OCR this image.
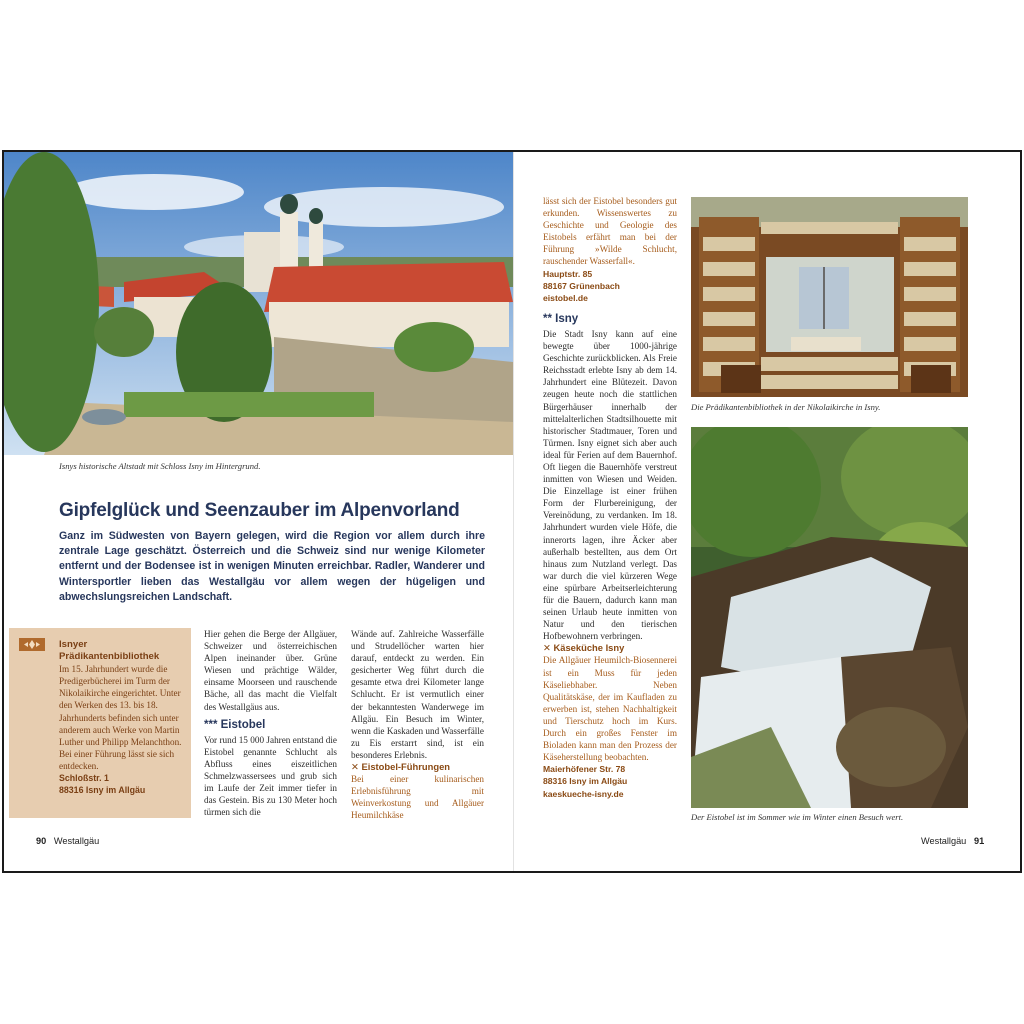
Isnys historische Altstadt mit Schloss Isny im Hintergrund.
Gipfelglück und Seenzauber im Alpenvorland
Ganz im Südwesten von Bayern gelegen, wird die Region vor allem durch ihre zentrale Lage geschätzt. Österreich und die Schweiz sind nur wenige Kilometer entfernt und der Bodensee ist in wenigen Minuten erreichbar. Radler, Wanderer und Wintersportler lieben das Westallgäu vor allem wegen der hügeligen und abwechslungsreichen Landschaft.
Isnyer Prädikantenbibliothek
Im 15. Jahrhundert wurde die Predigerbücherei im Turm der Nikolaikirche eingerichtet. Unter den Werken des 13. bis 18. Jahrhunderts befinden sich unter anderem auch Werke von Martin Luther und Philipp Melanchthon. Bei einer Führung lässt sie sich entdecken.
Schloßstr. 1
88316 Isny im Allgäu

Hier gehen die Berge der Allgäuer, Schweizer und österreichischen Alpen ineinander über. Grüne Wiesen und prächtige Wälder, einsame Moorseen und rauschende Bäche, all das macht die Vielfalt des Westallgäus aus.

*** Eistobel

Vor rund 15 000 Jahren entstand die Eistobel genannte Schlucht als Abfluss eines eiszeitlichen Schmelzwassersees und grub sich im Laufe der Zeit immer tiefer in das Gestein. Bis zu 130 Meter hoch türmen sich die

Wände auf. Zahlreiche Wasserfälle und Strudellöcher warten hier darauf, entdeckt zu werden. Ein gesicherter Weg führt durch die gesamte etwa drei Kilometer lange Schlucht. Er ist vermutlich einer der bekanntesten Wanderwege im Allgäu. Ein Besuch im Winter, wenn die Kaskaden und Wasserfälle zu Eis erstarrt sind, ist ein besonderes Erlebnis.

✕ Eistobel-Führungen

Bei einer kulinarischen Erlebnisführung mit Weinverkostung und Allgäuer Heumilchkäse

90 Westallgäu

lässt sich der Eistobel besonders gut erkunden. Wissenswertes zu Geschichte und Geologie des Eistobels erfährt man bei der Führung »Wilde Schlucht, rauschender Wasserfall«.

Hauptstr. 85
88167 Grünenbach
eistobel.de
** Isny

Die Stadt Isny kann auf eine bewegte über 1000-jährige Geschichte zurückblicken. Als Freie Reichsstadt erlebte Isny ab dem 14. Jahrhundert eine Blütezeit. Davon zeugen heute noch die stattlichen Bürgerhäuser innerhalb der mittelalterlichen Stadtsilhouette mit historischer Stadtmauer, Toren und Türmen. Isny eignet sich aber auch ideal für Ferien auf dem Bauernhof. Oft liegen die Bauernhöfe verstreut inmitten von Wiesen und Weiden. Die Einzellage ist einer frühen Form der Flurbereinigung, der Vereinödung, zu verdanken. Im 18. Jahrhundert wurden viele Höfe, die innerorts lagen, ihre Äcker aber außerhalb bestellten, aus dem Ort hinaus zum Nutzland verlegt. Das war durch die viel kürzeren Wege eine spürbare Arbeitserleichterung für die Bauern, dadurch kann man seinen Urlaub heute inmitten von Natur und den tierischen Hofbewohnern verbringen.

✕ Käseküche Isny

Die Allgäuer Heumilch-Biosennerei ist ein Muss für jeden Käseliebhaber. Neben Qualitätskäse, der im Kaufladen zu erwerben ist, stehen Nachhaltigkeit und Tierschutz hoch im Kurs. Durch ein großes Fenster im Bioladen kann man den Prozess der Käseherstellung beobachten.

Maierhöfener Str. 78
88316 Isny im Allgäu
kaeskueche-isny.de
Die Prädikantenbibliothek in der Nikolaikirche in Isny.
Der Eistobel ist im Sommer wie im Winter einen Besuch wert.
Westallgäu 91
